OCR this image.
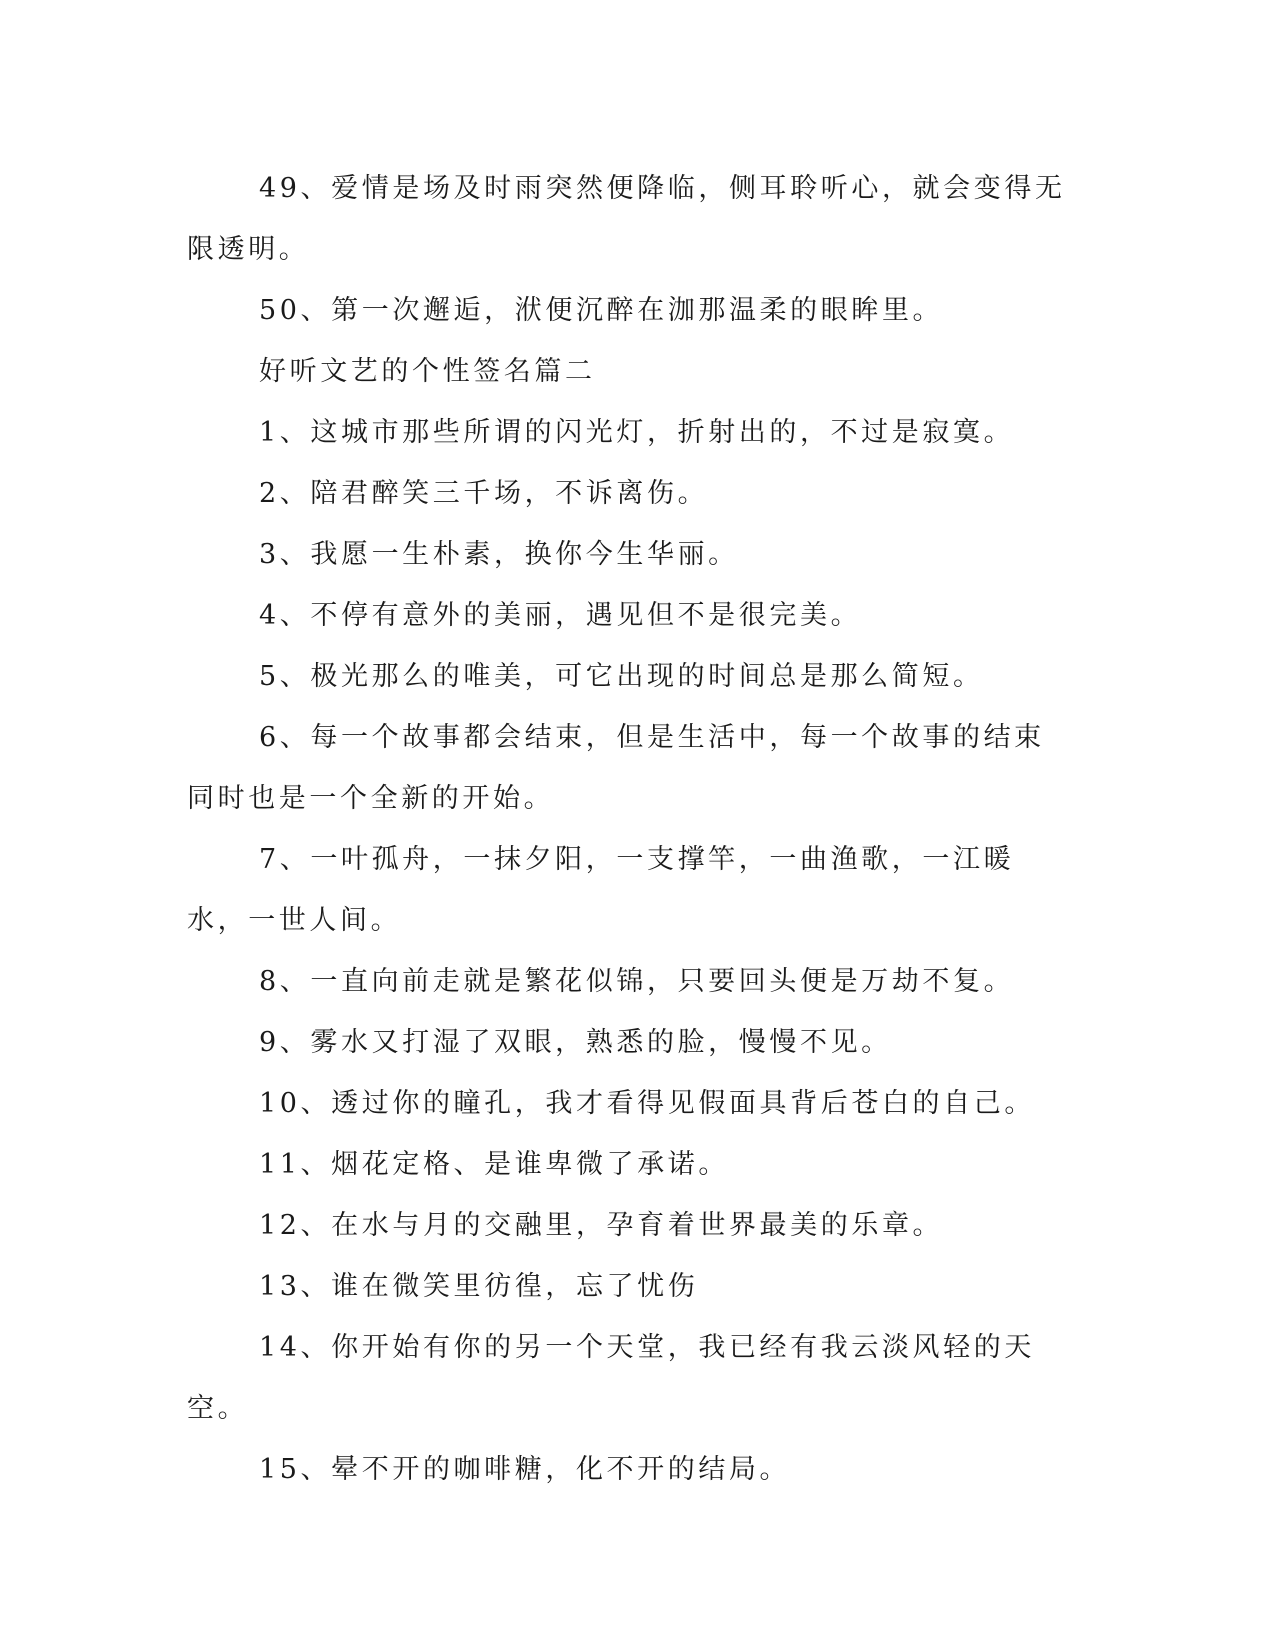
49、爱情是场及时雨突然便降临，侧耳聆听心，就会变得无限透明。

50、第一次邂逅，洑便沉醉在泇那温柔的眼眸里。

好听文艺的个性签名篇二

1、这城市那些所谓的闪光灯，折射出的，不过是寂寞。

2、陪君醉笑三千场，不诉离伤。

3、我愿一生朴素，换你今生华丽。

4、不停有意外的美丽，遇见但不是很完美。

5、极光那么的唯美，可它出现的时间总是那么简短。

6、每一个故事都会结束，但是生活中，每一个故事的结束同时也是一个全新的开始。

7、一叶孤舟，一抹夕阳，一支撑竿，一曲渔歌，一江暖水，一世人间。

8、一直向前走就是繁花似锦，只要回头便是万劫不复。

9、雾水又打湿了双眼，熟悉的脸，慢慢不见。

10、透过你的瞳孔，我才看得见假面具背后苍白的自己。

11、烟花定格、是谁卑微了承诺。

12、在水与月的交融里，孕育着世界最美的乐章。

13、谁在微笑里彷徨，忘了忧伤

14、你开始有你的另一个天堂，我已经有我云淡风轻的天空。

15、晕不开的咖啡糖，化不开的结局。
